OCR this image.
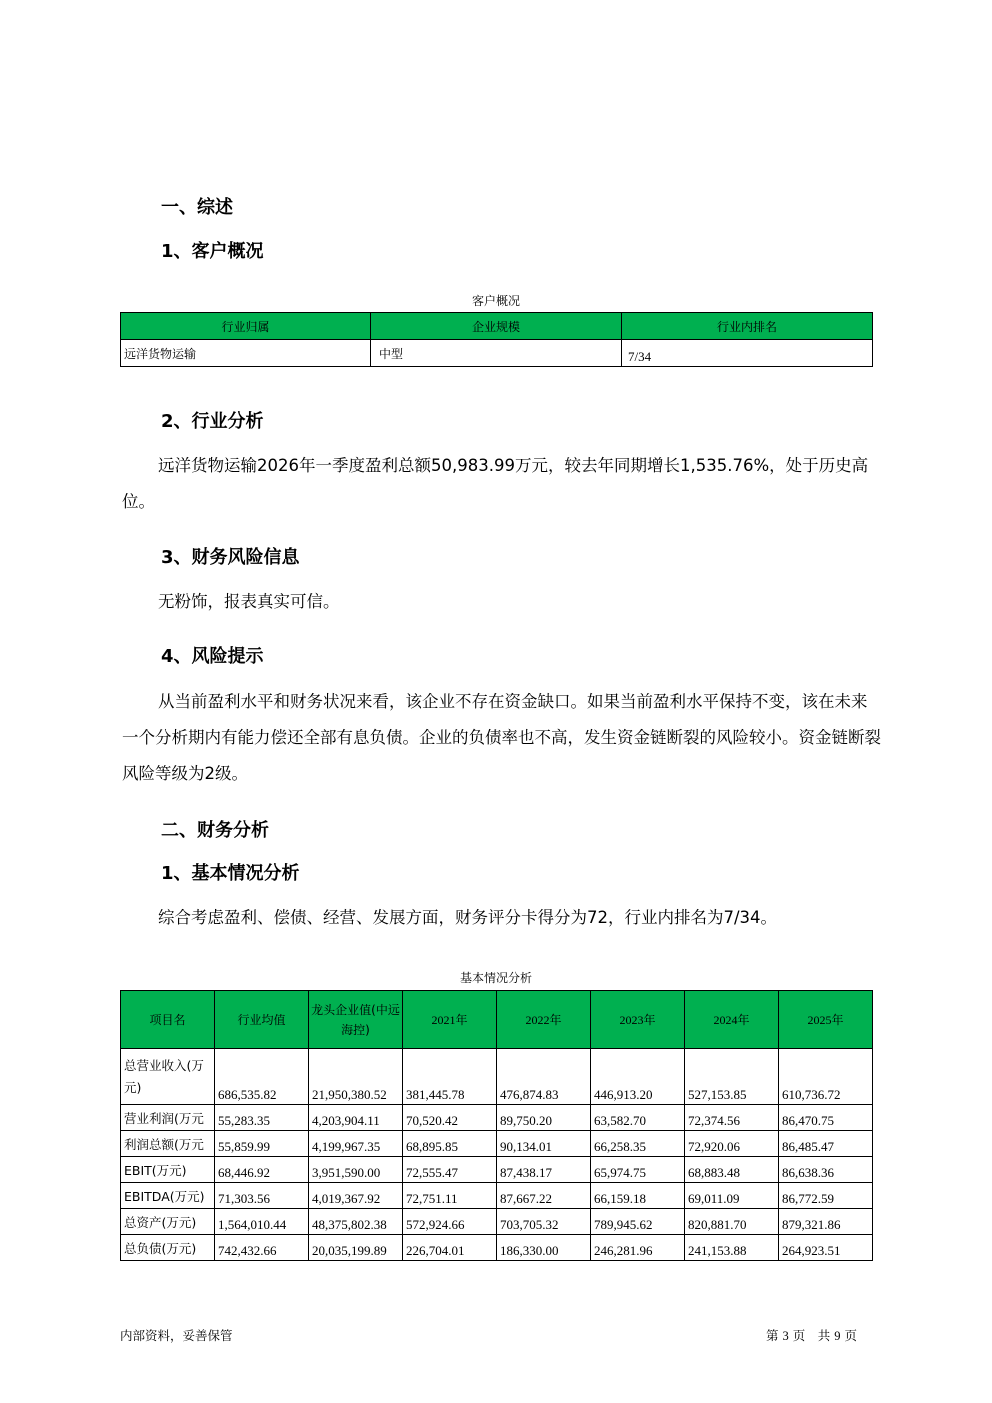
一、综述
1、客户概况
客户概况
行业归属	企业规模	行业内排名
远洋货物运输	中型	7/34
2、行业分析

远洋货物运输2026年一季度盈利总额50,983.99万元，较去年同期增长1,535.76%，处于历史高位。

3、财务风险信息

无粉饰，报表真实可信。

4、风险提示

从当前盈利水平和财务状况来看，该企业不存在资金缺口。如果当前盈利水平保持不变，该在未来一个分析期内有能力偿还全部有息负债。企业的负债率也不高，发生资金链断裂的风险较小。资金链断裂风险等级为2级。

二、财务分析
1、基本情况分析

综合考虑盈利、偿债、经营、发展方面，财务评分卡得分为72，行业内排名为7/34。

基本情况分析
项目名	行业均值	龙头企业值(中远海控)	2021年	2022年	2023年	2024年	2025年
总营业收入(万元)	686,535.82	21,950,380.52	381,445.78	476,874.83	446,913.20	527,153.85	610,736.72
营业利润(万元	55,283.35	4,203,904.11	70,520.42	89,750.20	63,582.70	72,374.56	86,470.75
利润总额(万元	55,859.99	4,199,967.35	68,895.85	90,134.01	66,258.35	72,920.06	86,485.47
EBIT(万元)	68,446.92	3,951,590.00	72,555.47	87,438.17	65,974.75	68,883.48	86,638.36
EBITDA(万元)	71,303.56	4,019,367.92	72,751.11	87,667.22	66,159.18	69,011.09	86,772.59
总资产(万元)	1,564,010.44	48,375,802.38	572,924.66	703,705.32	789,945.62	820,881.70	879,321.86
总负债(万元)	742,432.66	20,035,199.89	226,704.01	186,330.00	246,281.96	241,153.88	264,923.51
内部资料，妥善保管	第 3 页　共 9 页
